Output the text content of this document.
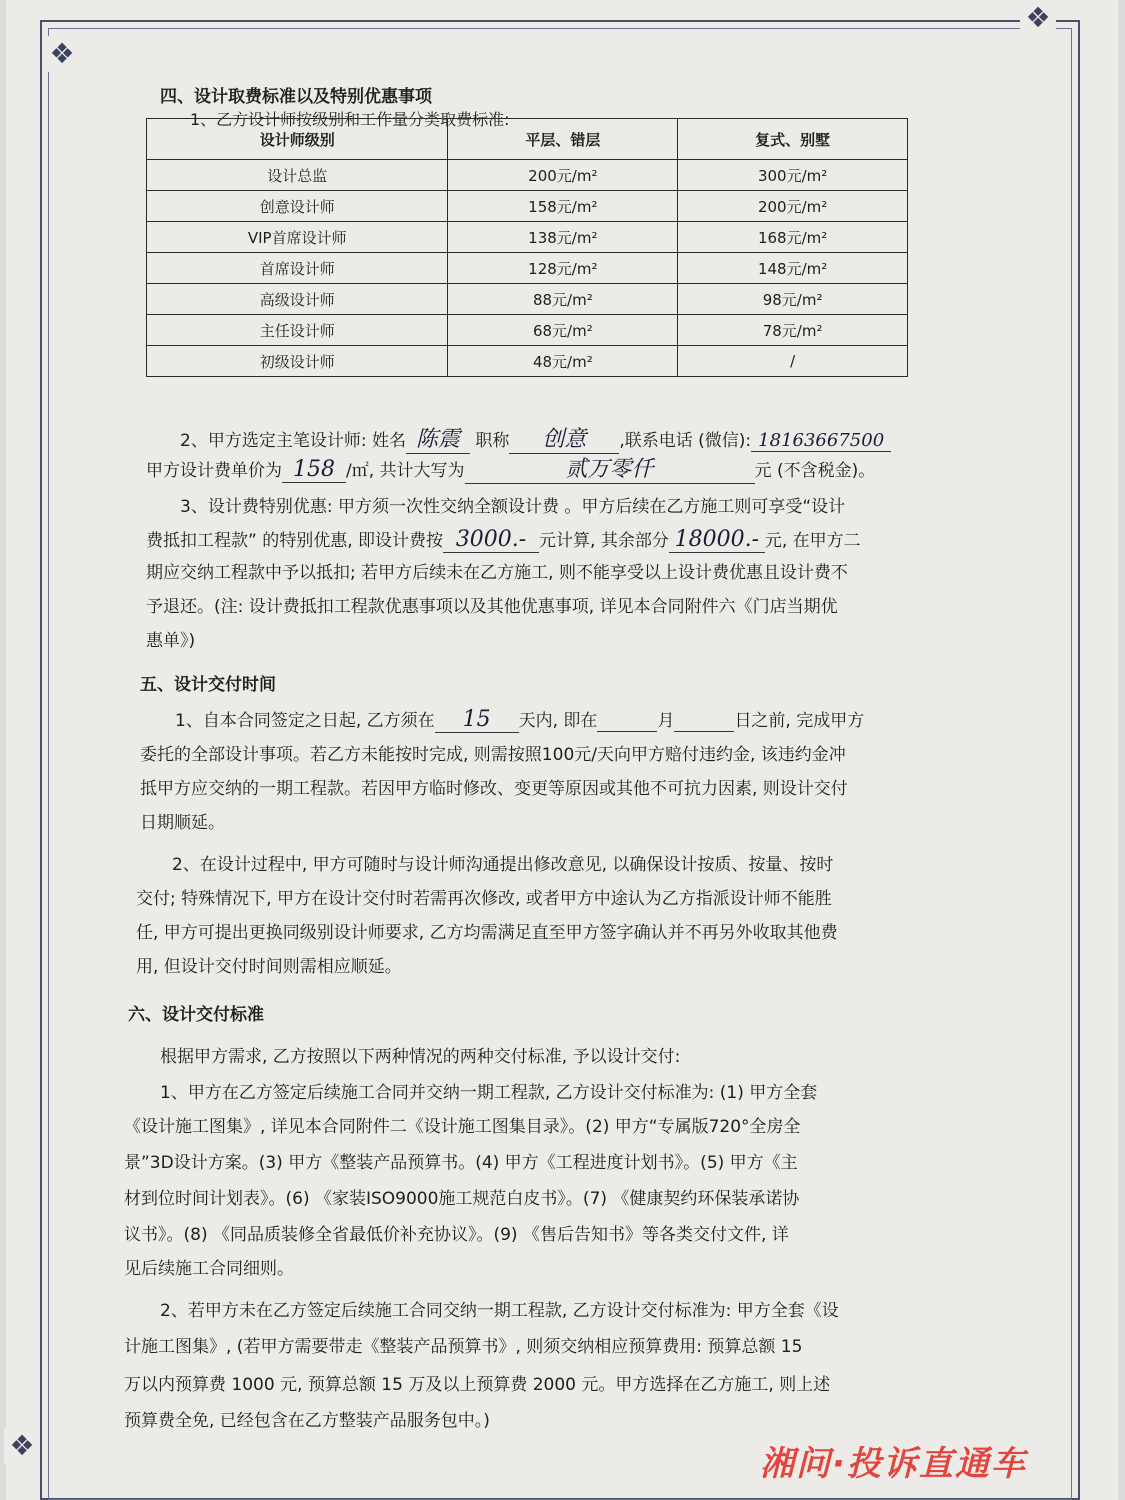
❖
❖
❖
四、设计取费标准以及特别优惠事项
1、乙方设计师按级别和工作量分类取费标准:
设计师级别	平层、错层	复式、别墅
设计总监	200元/m²	300元/m²
创意设计师	158元/m²	200元/m²
VIP首席设计师	138元/m²	168元/m²
首席设计师	128元/m²	148元/m²
高级设计师	88元/m²	98元/m²
主任设计师	68元/m²	78元/m²
初级设计师	48元/m²	/
2、甲方选定主笔设计师: 姓名 陈震 职称 创意 ,联系电话 (微信): 18163667500
甲方设计费单价为 158 /㎡, 共计大写为	贰万零仟	元 (不含税金)。
3、设计费特别优惠: 甲方须一次性交纳全额设计费 。甲方后续在乙方施工则可享受“设计
费抵扣工程款” 的特别优惠, 即设计费按 3000.- 元计算, 其余部分 18000.- 元, 在甲方二
期应交纳工程款中予以抵扣; 若甲方后续未在乙方施工, 则不能享受以上设计费优惠且设计费不
予退还。(注: 设计费抵扣工程款优惠事项以及其他优惠事项, 详见本合同附件六《门店当期优
惠单》)
五、设计交付时间
1、自本合同签定之日起, 乙方须在 15 天内, 即在	月	日之前, 完成甲方
委托的全部设计事项。若乙方未能按时完成, 则需按照100元/天向甲方赔付违约金, 该违约金冲
抵甲方应交纳的一期工程款。若因甲方临时修改、变更等原因或其他不可抗力因素, 则设计交付
日期顺延。
2、在设计过程中, 甲方可随时与设计师沟通提出修改意见, 以确保设计按质、按量、按时
交付; 特殊情况下, 甲方在设计交付时若需再次修改, 或者甲方中途认为乙方指派设计师不能胜
任, 甲方可提出更换同级别设计师要求, 乙方均需满足直至甲方签字确认并不再另外收取其他费
用, 但设计交付时间则需相应顺延。
六、设计交付标准
根据甲方需求, 乙方按照以下两种情况的两种交付标准, 予以设计交付:
1、甲方在乙方签定后续施工合同并交纳一期工程款, 乙方设计交付标准为: (1) 甲方全套
《设计施工图集》, 详见本合同附件二《设计施工图集目录》。(2) 甲方“专属版720°全房全
景”3D设计方案。(3) 甲方《整装产品预算书。(4) 甲方《工程进度计划书》。(5) 甲方《主
材到位时间计划表》。(6) 《家装ISO9000施工规范白皮书》。(7) 《健康契约环保装承诺协
议书》。(8) 《同品质装修全省最低价补充协议》。(9) 《售后告知书》等各类交付文件, 详
见后续施工合同细则。
2、若甲方未在乙方签定后续施工合同交纳一期工程款, 乙方设计交付标准为: 甲方全套《设
计施工图集》, (若甲方需要带走《整装产品预算书》, 则须交纳相应预算费用: 预算总额 15
万以内预算费 1000 元, 预算总额 15 万及以上预算费 2000 元。甲方选择在乙方施工, 则上述
预算费全免, 已经包含在乙方整装产品服务包中。)
湘问·投诉直通车
